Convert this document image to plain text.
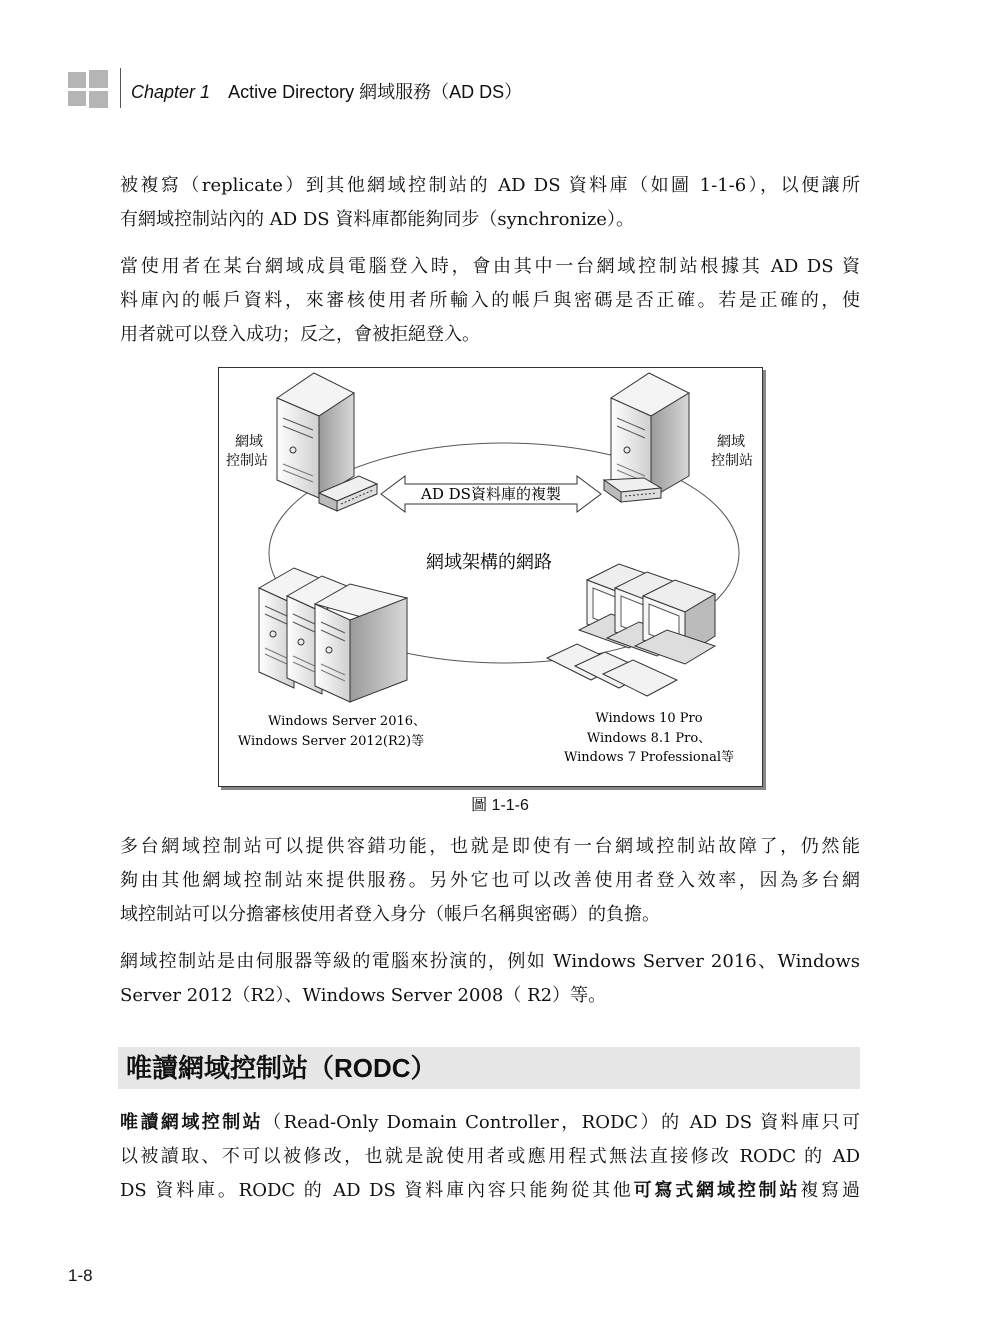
Chapter 1 Active Directory 網域服務（AD DS）

被複寫（replicate）到其他網域控制站的 AD DS 資料庫（如圖 1-1-6），以便讓所
有網域控制站內的 AD DS 資料庫都能夠同步（synchronize）。

當使用者在某台網域成員電腦登入時，會由其中一台網域控制站根據其 AD DS 資
料庫內的帳戶資料，來審核使用者所輸入的帳戶與密碼是否正確。若是正確的，使
用者就可以登入成功；反之，會被拒絕登入。

網域
控制站
網域
控制站
AD DS資料庫的複製
網域架構的網路
Windows Server 2016、
Windows Server 2012(R2)等
Windows 10 Pro
Windows 8.1 Pro、
Windows 7 Professional等
圖 1-1-6

多台網域控制站可以提供容錯功能，也就是即使有一台網域控制站故障了，仍然能
夠由其他網域控制站來提供服務。另外它也可以改善使用者登入效率，因為多台網
域控制站可以分擔審核使用者登入身分（帳戶名稱與密碼）的負擔。

網域控制站是由伺服器等級的電腦來扮演的，例如 Windows Server 2016、Windows
Server 2012（R2）、Windows Server 2008（ R2）等。

唯讀網域控制站（RODC）

唯讀網域控制站（Read-Only Domain Controller，RODC）的 AD DS 資料庫只可
以被讀取、不可以被修改，也就是說使用者或應用程式無法直接修改 RODC 的 AD
DS 資料庫。RODC 的 AD DS 資料庫內容只能夠從其他可寫式網域控制站複寫過

1-8
